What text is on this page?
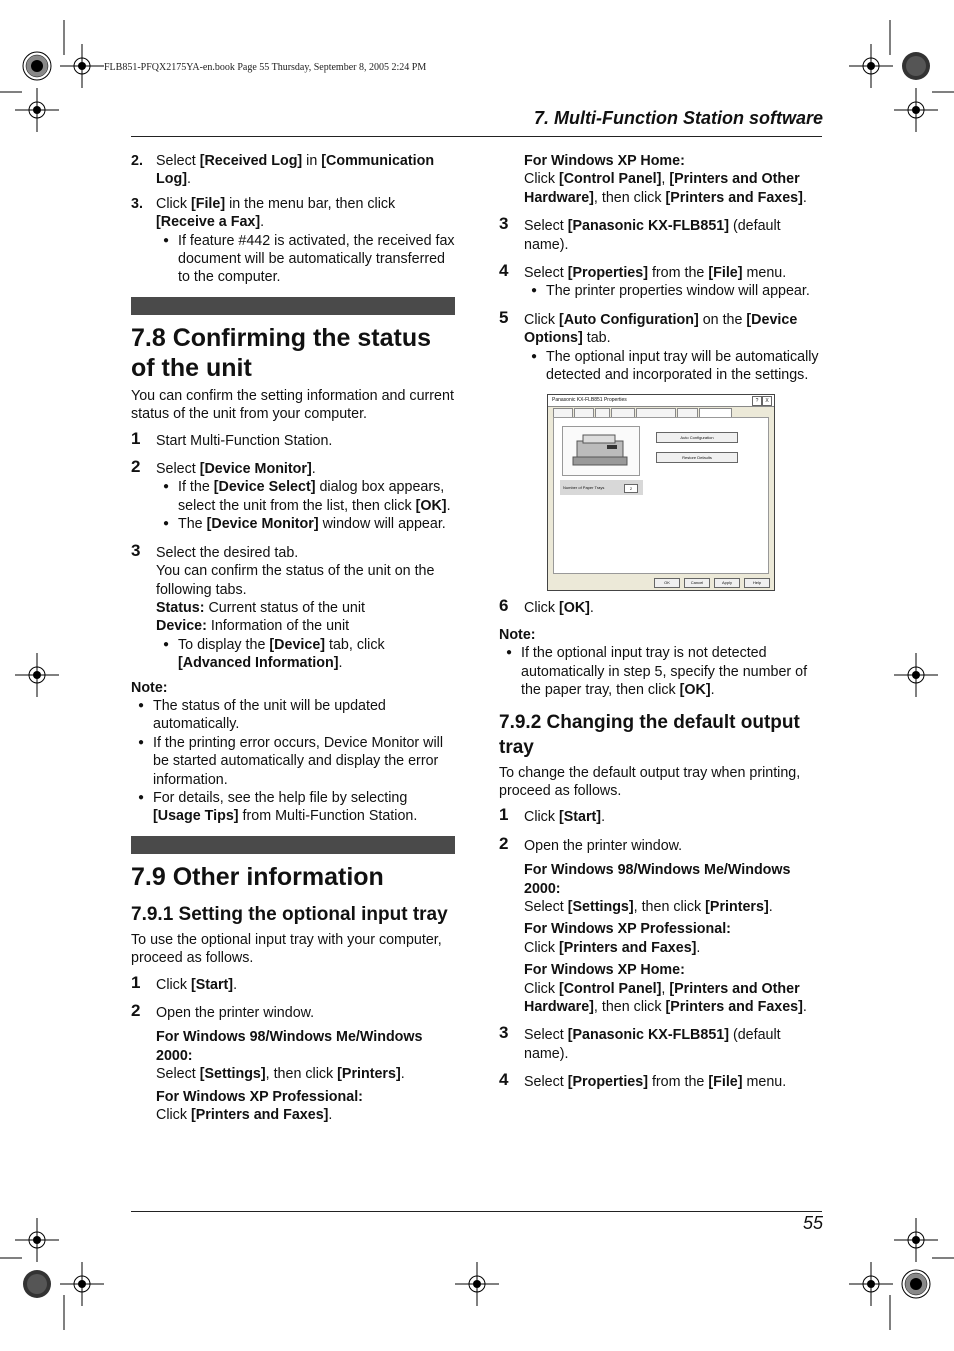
FLB851-PFQX2175YA-en.book Page 55 Thursday, September 8, 2005 2:24 PM
7. Multi-Function Station software
55
2. Select [Received Log] in [Communication Log].
3. Click [File] in the menu bar, then click [Receive a Fax].

● If feature #442 is activated, the received fax document will be automatically transferred to the computer.

7.8 Confirming the status of the unit

You can confirm the setting information and current status of the unit from your computer.

1 Start Multi-Function Station.
2 Select [Device Monitor].

● If the [Device Select] dialog box appears, select the unit from the list, then click [OK].

● The [Device Monitor] window will appear.

3 Select the desired tab.

You can confirm the status of the unit on the following tabs.

Status: Current status of the unit

Device: Information of the unit

● To display the [Device] tab, click [Advanced Information].

Note:

● The status of the unit will be updated automatically.

● If the printing error occurs, Device Monitor will be started automatically and display the error information.

● For details, see the help file by selecting [Usage Tips] from Multi-Function Station.

7.9 Other information
7.9.1 Setting the optional input tray

To use the optional input tray with your computer, proceed as follows.

1 Click [Start].
2 Open the printer window.

For Windows 98/Windows Me/Windows 2000:

Select [Settings], then click [Printers].

For Windows XP Professional:

Click [Printers and Faxes].

For Windows XP Home:

Click [Control Panel], [Printers and Other Hardware], then click [Printers and Faxes].

3 Select [Panasonic KX-FLB851] (default name).
4 Select [Properties] from the [File] menu.

● The printer properties window will appear.

5 Click [Auto Configuration] on the [Device Options] tab.

● The optional input tray will be automatically detected and incorporated in the settings.

Panasonic KX-FLB851 Properties	?	X
Auto Configuration
Restore Defaults
Number of Paper Trays	2
OK	Cancel	Apply	Help
6 Click [OK].

Note:

● If the optional input tray is not detected automatically in step 5, specify the number of the paper tray, then click [OK].

7.9.2 Changing the default output tray

To change the default output tray when printing, proceed as follows.

1 Click [Start].
2 Open the printer window.

For Windows 98/Windows Me/Windows 2000:

Select [Settings], then click [Printers].

For Windows XP Professional:

Click [Printers and Faxes].

For Windows XP Home:

Click [Control Panel], [Printers and Other Hardware], then click [Printers and Faxes].

3 Select [Panasonic KX-FLB851] (default name).
4 Select [Properties] from the [File] menu.
